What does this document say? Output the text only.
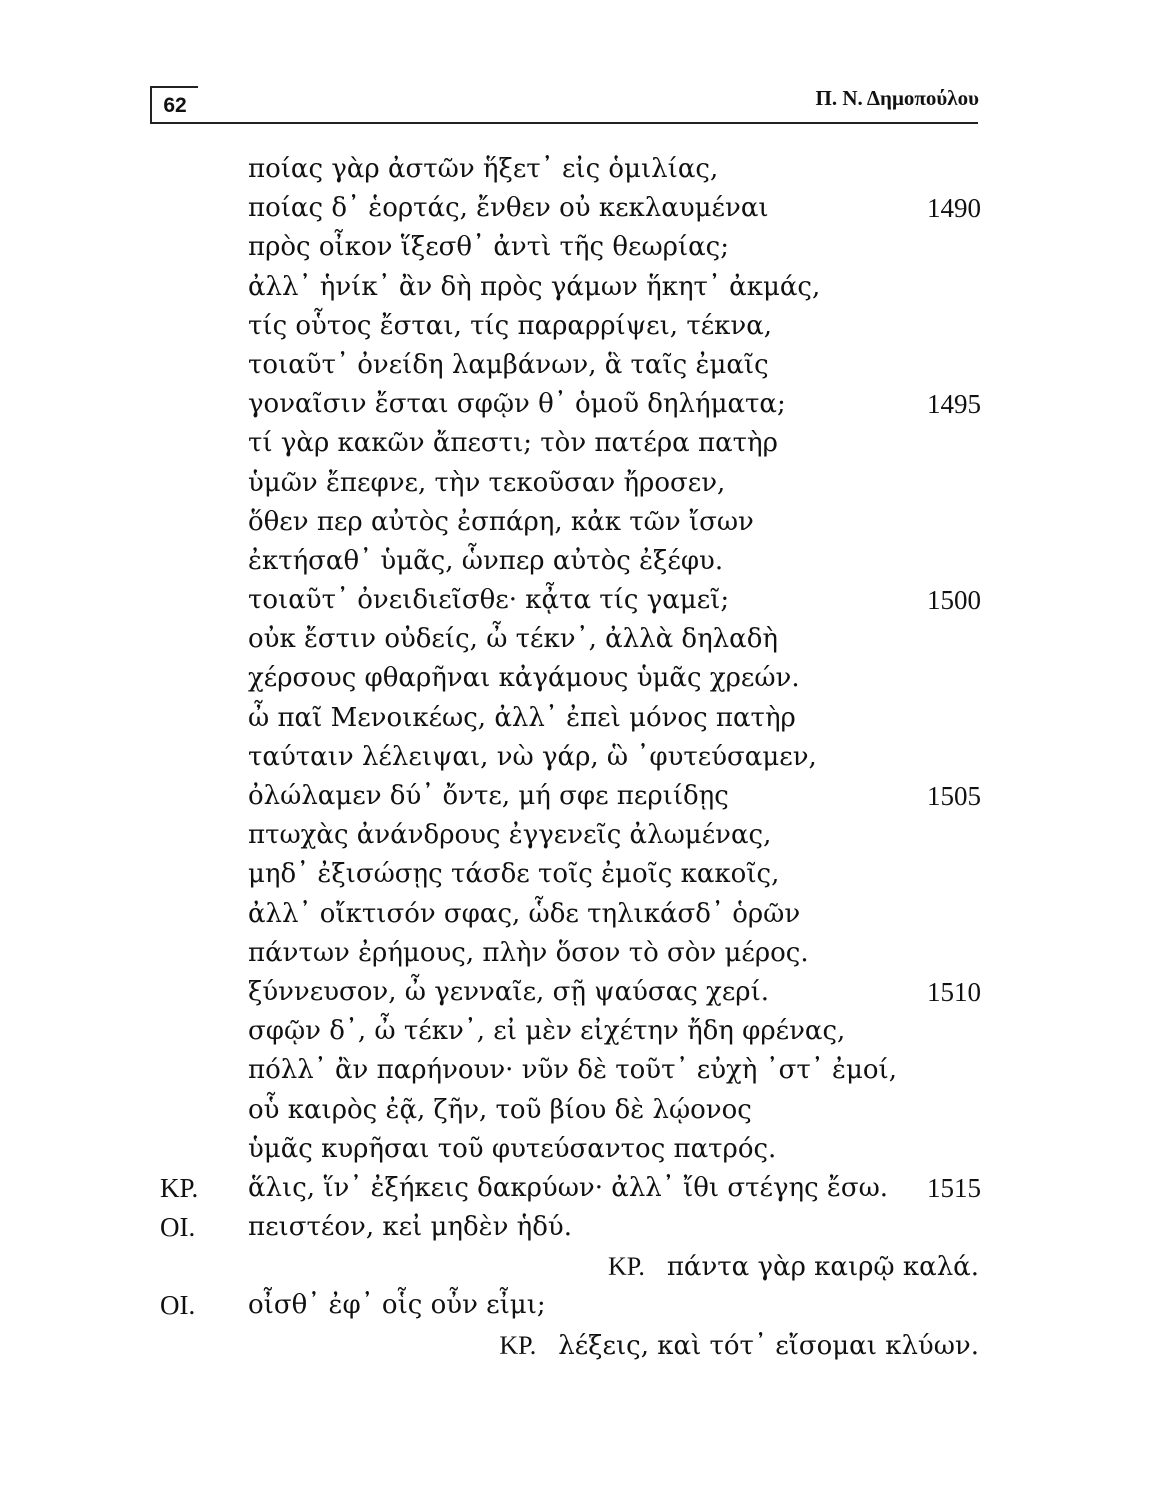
62	Π. Ν. Δημοπούλου
ποίας γὰρ ἀστῶν ἥξετ᾽ εἰς ὁμιλίας,
ποίας δ᾽ ἑορτάς, ἔνθεν οὐ κεκλαυμέναι	1490
πρὸς οἶκον ἵξεσθ᾽ ἀντὶ τῆς θεωρίας;
ἀλλ᾽ ἡνίκ᾽ ἂν δὴ πρὸς γάμων ἥκητ᾽ ἀκμάς,
τίς οὗτος ἔσται, τίς παραρρίψει, τέκνα,
τοιαῦτ᾽ ὀνείδη λαμβάνων, ἃ ταῖς ἐμαῖς
γοναῖσιν ἔσται σφῷν θ᾽ ὁμοῦ δηλήματα;	1495
τί γὰρ κακῶν ἄπεστι; τὸν πατέρα πατὴρ
ὑμῶν ἔπεφνε, τὴν τεκοῦσαν ἤροσεν,
ὅθεν περ αὐτὸς ἐσπάρη, κἀκ τῶν ἴσων
ἐκτήσαθ᾽ ὑμᾶς, ὧνπερ αὐτὸς ἐξέφυ.
τοιαῦτ᾽ ὀνειδιεῖσθε· κᾆτα τίς γαμεῖ;	1500
οὐκ ἔστιν οὐδείς, ὦ τέκν᾽, ἀλλὰ δηλαδὴ
χέρσους φθαρῆναι κἀγάμους ὑμᾶς χρεών.
ὦ παῖ Μενοικέως, ἀλλ᾽ ἐπεὶ μόνος πατὴρ
ταύταιν λέλειψαι, νὼ γάρ, ὣ ᾽φυτεύσαμεν,
ὀλώλαμεν δύ᾽ ὄντε, μή σφε περιίδῃς	1505
πτωχὰς ἀνάνδρους ἐγγενεῖς ἀλωμένας,
μηδ᾽ ἐξισώσῃς τάσδε τοῖς ἐμοῖς κακοῖς,
ἀλλ᾽ οἴκτισόν σφας, ὧδε τηλικάσδ᾽ ὁρῶν
πάντων ἐρήμους, πλὴν ὅσον τὸ σὸν μέρος.
ξύννευσον, ὦ γενναῖε, σῇ ψαύσας χερί.	1510
σφῷν δ᾽, ὦ τέκν᾽, εἰ μὲν εἰχέτην ἤδη φρένας,
πόλλ᾽ ἂν παρήνουν· νῦν δὲ τοῦτ᾽ εὐχὴ ᾽στ᾽ ἐμοί,
οὗ καιρὸς ἐᾷ, ζῆν, τοῦ βίου δὲ λῴονος
ὑμᾶς κυρῆσαι τοῦ φυτεύσαντος πατρός.
ΚΡ. ἅλις, ἵν᾽ ἐξήκεις δακρύων· ἀλλ᾽ ἴθι στέγης ἔσω. 1515
ΟΙ. πειστέον, κεἰ μηδὲν ἡδύ.
ΚΡ. πάντα γὰρ καιρῷ καλά.
ΟΙ. οἶσθ᾽ ἐφ᾽ οἷς οὖν εἶμι;
ΚΡ. λέξεις, καὶ τότ᾽ εἴσομαι κλύων.
